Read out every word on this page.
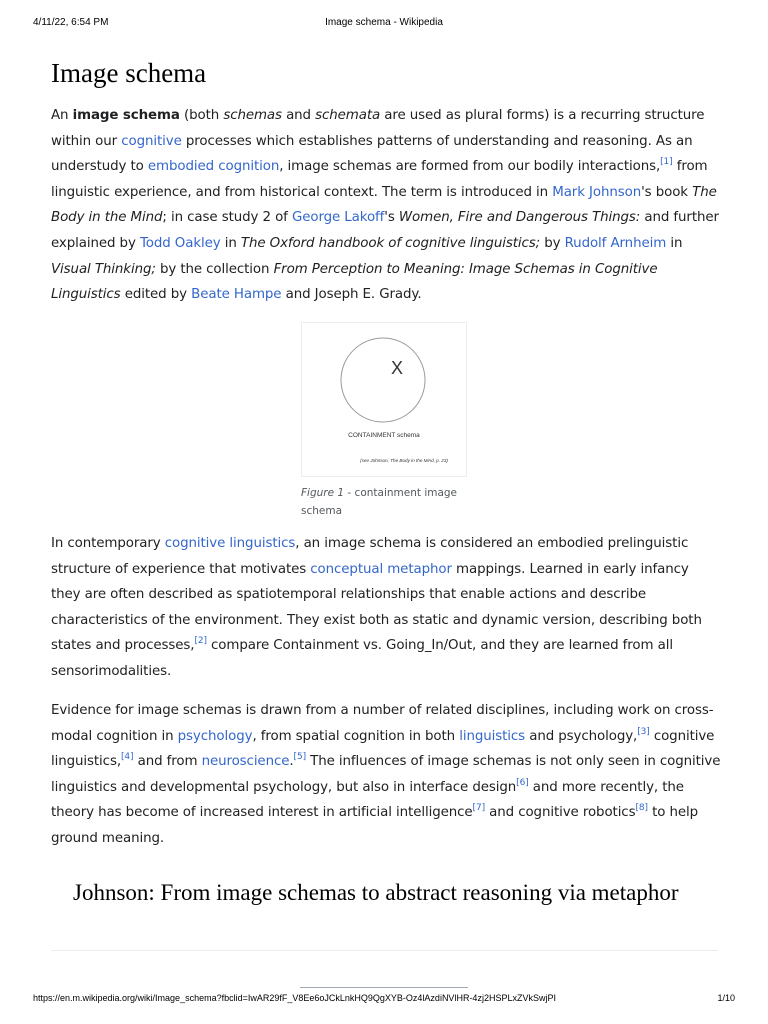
4/11/22, 6:54 PM	Image schema - Wikipedia
Image schema

An image schema (both schemas and schemata are used as plural forms) is a recurring structure within our cognitive processes which establishes patterns of understanding and reasoning. As an understudy to embodied cognition, image schemas are formed from our bodily interactions,[1] from linguistic experience, and from historical context. The term is introduced in Mark Johnson's book The Body in the Mind; in case study 2 of George Lakoff's Women, Fire and Dangerous Things: and further explained by Todd Oakley in The Oxford handbook of cognitive linguistics; by Rudolf Arnheim in Visual Thinking; by the collection From Perception to Meaning: Image Schemas in Cognitive Linguistics edited by Beate Hampe and Joseph E. Grady.

X
CONTAINMENT schema
(see Johnson, The Body in the Mind, p. 23)
Figure 1 - containment image schema

In contemporary cognitive linguistics, an image schema is considered an embodied prelinguistic structure of experience that motivates conceptual metaphor mappings. Learned in early infancy they are often described as spatiotemporal relationships that enable actions and describe characteristics of the environment. They exist both as static and dynamic version, describing both states and processes,[2] compare Containment vs. Going_In/Out, and they are learned from all sensorimodalities.

Evidence for image schemas is drawn from a number of related disciplines, including work on cross-modal cognition in psychology, from spatial cognition in both linguistics and psychology,[3] cognitive linguistics,[4] and from neuroscience.[5] The influences of image schemas is not only seen in cognitive linguistics and developmental psychology, but also in interface design[6] and more recently, the theory has become of increased interest in artificial intelligence[7] and cognitive robotics[8] to help ground meaning.

Johnson: From image schemas to abstract reasoning via metaphor
https://en.m.wikipedia.org/wiki/Image_schema?fbclid=IwAR29fF_V8Ee6oJCkLnkHQ9QgXYB-Oz4lAzdiNVlHR-4zj2HSPLxZVkSwjPI	1/10
